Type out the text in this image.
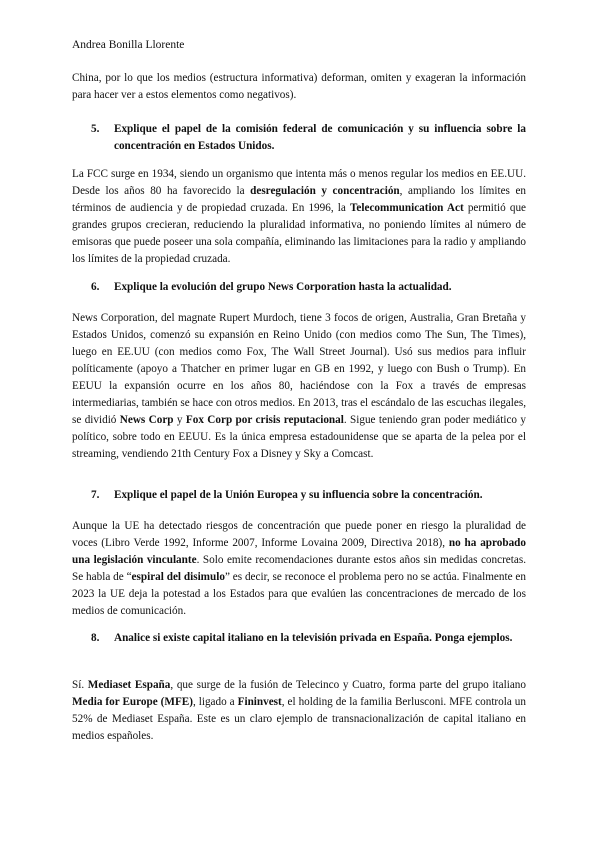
Andrea Bonilla Llorente
China, por lo que los medios (estructura informativa) deforman, omiten y exageran la información para hacer ver a estos elementos como negativos).
5. Explique el papel de la comisión federal de comunicación y su influencia sobre la concentración en Estados Unidos.
La FCC surge en 1934, siendo un organismo que intenta más o menos regular los medios en EE.UU. Desde los años 80 ha favorecido la desregulación y concentración, ampliando los límites en términos de audiencia y de propiedad cruzada. En 1996, la Telecommunication Act permitió que grandes grupos crecieran, reduciendo la pluralidad informativa, no poniendo límites al número de emisoras que puede poseer una sola compañía, eliminando las limitaciones para la radio y ampliando los límites de la propiedad cruzada.
6. Explique la evolución del grupo News Corporation hasta la actualidad.
News Corporation, del magnate Rupert Murdoch, tiene 3 focos de origen, Australia, Gran Bretaña y Estados Unidos, comenzó su expansión en Reino Unido (con medios como The Sun, The Times), luego en EE.UU (con medios como Fox, The Wall Street Journal). Usó sus medios para influir políticamente (apoyo a Thatcher en primer lugar en GB en 1992, y luego con Bush o Trump). En EEUU la expansión ocurre en los años 80, haciéndose con la Fox a través de empresas intermediarias, también se hace con otros medios. En 2013, tras el escándalo de las escuchas ilegales, se dividió News Corp y Fox Corp por crisis reputacional. Sigue teniendo gran poder mediático y político, sobre todo en EEUU. Es la única empresa estadounidense que se aparta de la pelea por el streaming, vendiendo 21th Century Fox a Disney y Sky a Comcast.
7. Explique el papel de la Unión Europea y su influencia sobre la concentración.
Aunque la UE ha detectado riesgos de concentración que puede poner en riesgo la pluralidad de voces (Libro Verde 1992, Informe 2007, Informe Lovaina 2009, Directiva 2018), no ha aprobado una legislación vinculante. Solo emite recomendaciones durante estos años sin medidas concretas. Se habla de “espiral del disimulo” es decir, se reconoce el problema pero no se actúa. Finalmente en 2023 la UE deja la potestad a los Estados para que evalúen las concentraciones de mercado de los medios de comunicación.
8. Analice si existe capital italiano en la televisión privada en España. Ponga ejemplos.
Sí. Mediaset España, que surge de la fusión de Telecinco y Cuatro, forma parte del grupo italiano Media for Europe (MFE), ligado a Fininvest, el holding de la familia Berlusconi. MFE controla un 52% de Mediaset España. Este es un claro ejemplo de transnacionalización de capital italiano en medios españoles.
